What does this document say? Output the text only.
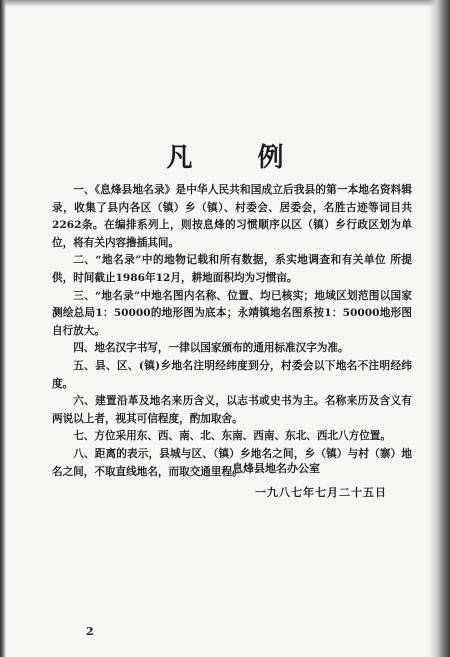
凡 例

一、《息烽县地名录》是中华人民共和国成立后我县的第一本地名资料辑录，收集了县内各区（镇）乡（镇）、村委会、居委会，名胜古迹等词目共2262条。在编排系列上，则按息烽的习惯顺序以区（镇）乡行政区划为单位，将有关内容撸插其间。

二、“地名录”中的地物记载和所有数据，系实地调查和有关单位 所提供，时间截止1986年12月，耕地面积均为习惯亩。

三、“地名录”中地名图内名称、位置、均已核实；地域区划范围以国家测绘总局1：50000的地形图为底本；永靖镇地名图系按1：50000地形图自行放大。

四、地名汉字书写，一律以国家颁布的通用标准汉字为准。

五、县、区、(镇)乡地名注明经纬度到分，村委会以下地名不注明经纬度。

六、建置沿革及地名来历含义，以志书或史书为主。名称来历及含义有两说以上者，视其可信程度，酌加取舍。

七、方位采用东、西、南、北、东南、西南、东北、西北八方位置。

八、距离的表示，县城与区、（镇）乡地名之间，乡（镇）与村（寨）地名之间，不取直线地名，而取交通里程。

息烽县地名办公室
一九八七年七月二十五日
2
